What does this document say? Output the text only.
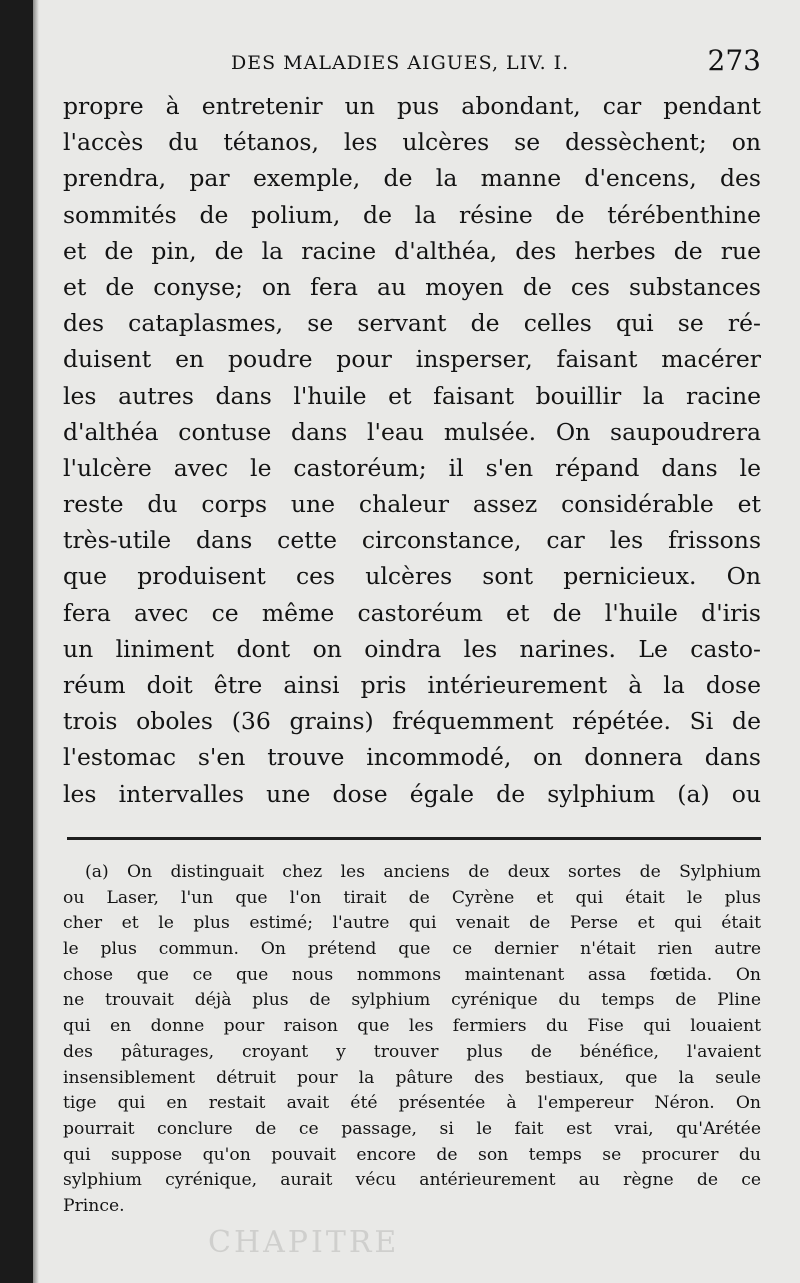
DES MALADIES AIGUES, LIV. I.	273
propre à entretenir un pus abondant, car pendant
l'accès du tétanos, les ulcères se dessèchent; on
prendra, par exemple, de la manne d'encens, des
sommités de polium, de la résine de térébenthine
et de pin, de la racine d'althéa, des herbes de rue
et de conyse; on fera au moyen de ces substances
des cataplasmes, se servant de celles qui se ré-
duisent en poudre pour insperser, faisant macérer
les autres dans l'huile et faisant bouillir la racine
d'althéa contuse dans l'eau mulsée. On saupoudrera
l'ulcère avec le castoréum; il s'en répand dans le
reste du corps une chaleur assez considérable et
très-utile dans cette circonstance, car les frissons
que produisent ces ulcères sont pernicieux. On
fera avec ce même castoréum et de l'huile d'iris
un liniment dont on oindra les narines. Le casto-
réum doit être ainsi pris intérieurement à la dose
trois oboles (36 grains) fréquemment répétée. Si de
l'estomac s'en trouve incommodé, on donnera dans
les intervalles une dose égale de sylphium (a) ou
(a) On distinguait chez les anciens de deux sortes de Sylphium
ou Laser, l'un que l'on tirait de Cyrène et qui était le plus
cher et le plus estimé; l'autre qui venait de Perse et qui était
le plus commun. On prétend que ce dernier n'était rien autre
chose que ce que nous nommons maintenant assa fœtida. On
ne trouvait déjà plus de sylphium cyrénique du temps de Pline
qui en donne pour raison que les fermiers du Fise qui louaient
des pâturages, croyant y trouver plus de bénéfice, l'avaient
insensiblement détruit pour la pâture des bestiaux, que la seule
tige qui en restait avait été présentée à l'empereur Néron. On
pourrait conclure de ce passage, si le fait est vrai, qu'Arétée
qui suppose qu'on pouvait encore de son temps se procurer du
sylphium cyrénique, aurait vécu antérieurement au règne de ce
Prince.
CHAPITRE
